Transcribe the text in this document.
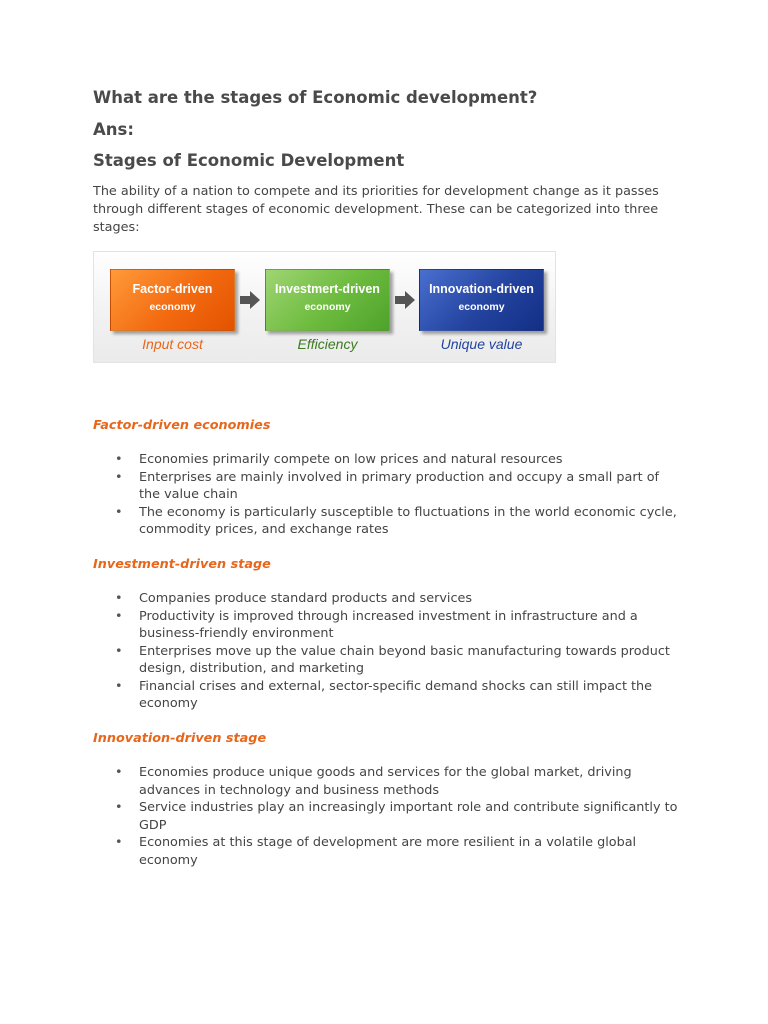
What are the stages of Economic development?
Ans:
Stages of Economic Development

The ability of a nation to compete and its priorities for development change as it passes through different stages of economic development. These can be categorized into three stages:

Factor-driven
economy
Investmert-driven
economy
Innovation-driven
economy
Input cost	Efficiency	Unique value
Factor-driven economies
• Economies primarily compete on low prices and natural resources
• Enterprises are mainly involved in primary production and occupy a small part of the value chain
• The economy is particularly susceptible to fluctuations in the world economic cycle, commodity prices, and exchange rates
Investment-driven stage
• Companies produce standard products and services
• Productivity is improved through increased investment in infrastructure and a business-friendly environment
• Enterprises move up the value chain beyond basic manufacturing towards product design, distribution, and marketing
• Financial crises and external, sector-specific demand shocks can still impact the economy
Innovation-driven stage
• Economies produce unique goods and services for the global market, driving advances in technology and business methods
• Service industries play an increasingly important role and contribute significantly to GDP
• Economies at this stage of development are more resilient in a volatile global economy
